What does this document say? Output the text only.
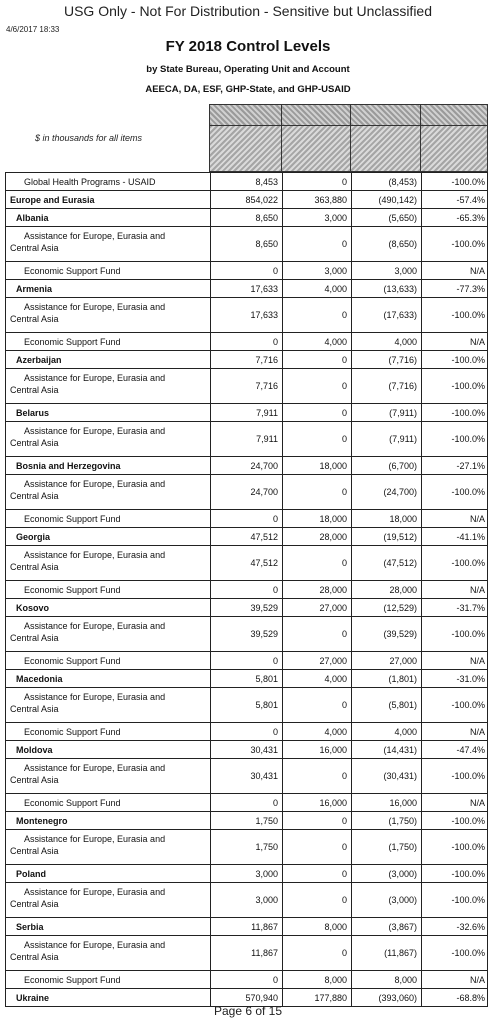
USG Only - Not For Distribution - Sensitive but Unclassified
4/6/2017 18:33
FY 2018 Control Levels
by State Bureau, Operating Unit and Account
AEECA, DA, ESF, GHP-State, and GHP-USAID
$ in thousands for all items
Global Health Programs - USAID	8,453	0	(8,453)	-100.0%
Europe and Eurasia	854,022	363,880	(490,142)	-57.4%
Albania	8,650	3,000	(5,650)	-65.3%
Assistance for Europe, Eurasia and
Central Asia	8,650	0	(8,650)	-100.0%
Economic Support Fund	0	3,000	3,000	N/A
Armenia	17,633	4,000	(13,633)	-77.3%
Assistance for Europe, Eurasia and
Central Asia	17,633	0	(17,633)	-100.0%
Economic Support Fund	0	4,000	4,000	N/A
Azerbaijan	7,716	0	(7,716)	-100.0%
Assistance for Europe, Eurasia and
Central Asia	7,716	0	(7,716)	-100.0%
Belarus	7,911	0	(7,911)	-100.0%
Assistance for Europe, Eurasia and
Central Asia	7,911	0	(7,911)	-100.0%
Bosnia and Herzegovina	24,700	18,000	(6,700)	-27.1%
Assistance for Europe, Eurasia and
Central Asia	24,700	0	(24,700)	-100.0%
Economic Support Fund	0	18,000	18,000	N/A
Georgia	47,512	28,000	(19,512)	-41.1%
Assistance for Europe, Eurasia and
Central Asia	47,512	0	(47,512)	-100.0%
Economic Support Fund	0	28,000	28,000	N/A
Kosovo	39,529	27,000	(12,529)	-31.7%
Assistance for Europe, Eurasia and
Central Asia	39,529	0	(39,529)	-100.0%
Economic Support Fund	0	27,000	27,000	N/A
Macedonia	5,801	4,000	(1,801)	-31.0%
Assistance for Europe, Eurasia and
Central Asia	5,801	0	(5,801)	-100.0%
Economic Support Fund	0	4,000	4,000	N/A
Moldova	30,431	16,000	(14,431)	-47.4%
Assistance for Europe, Eurasia and
Central Asia	30,431	0	(30,431)	-100.0%
Economic Support Fund	0	16,000	16,000	N/A
Montenegro	1,750	0	(1,750)	-100.0%
Assistance for Europe, Eurasia and
Central Asia	1,750	0	(1,750)	-100.0%
Poland	3,000	0	(3,000)	-100.0%
Assistance for Europe, Eurasia and
Central Asia	3,000	0	(3,000)	-100.0%
Serbia	11,867	8,000	(3,867)	-32.6%
Assistance for Europe, Eurasia and
Central Asia	11,867	0	(11,867)	-100.0%
Economic Support Fund	0	8,000	8,000	N/A
Ukraine	570,940	177,880	(393,060)	-68.8%
Page 6 of 15
